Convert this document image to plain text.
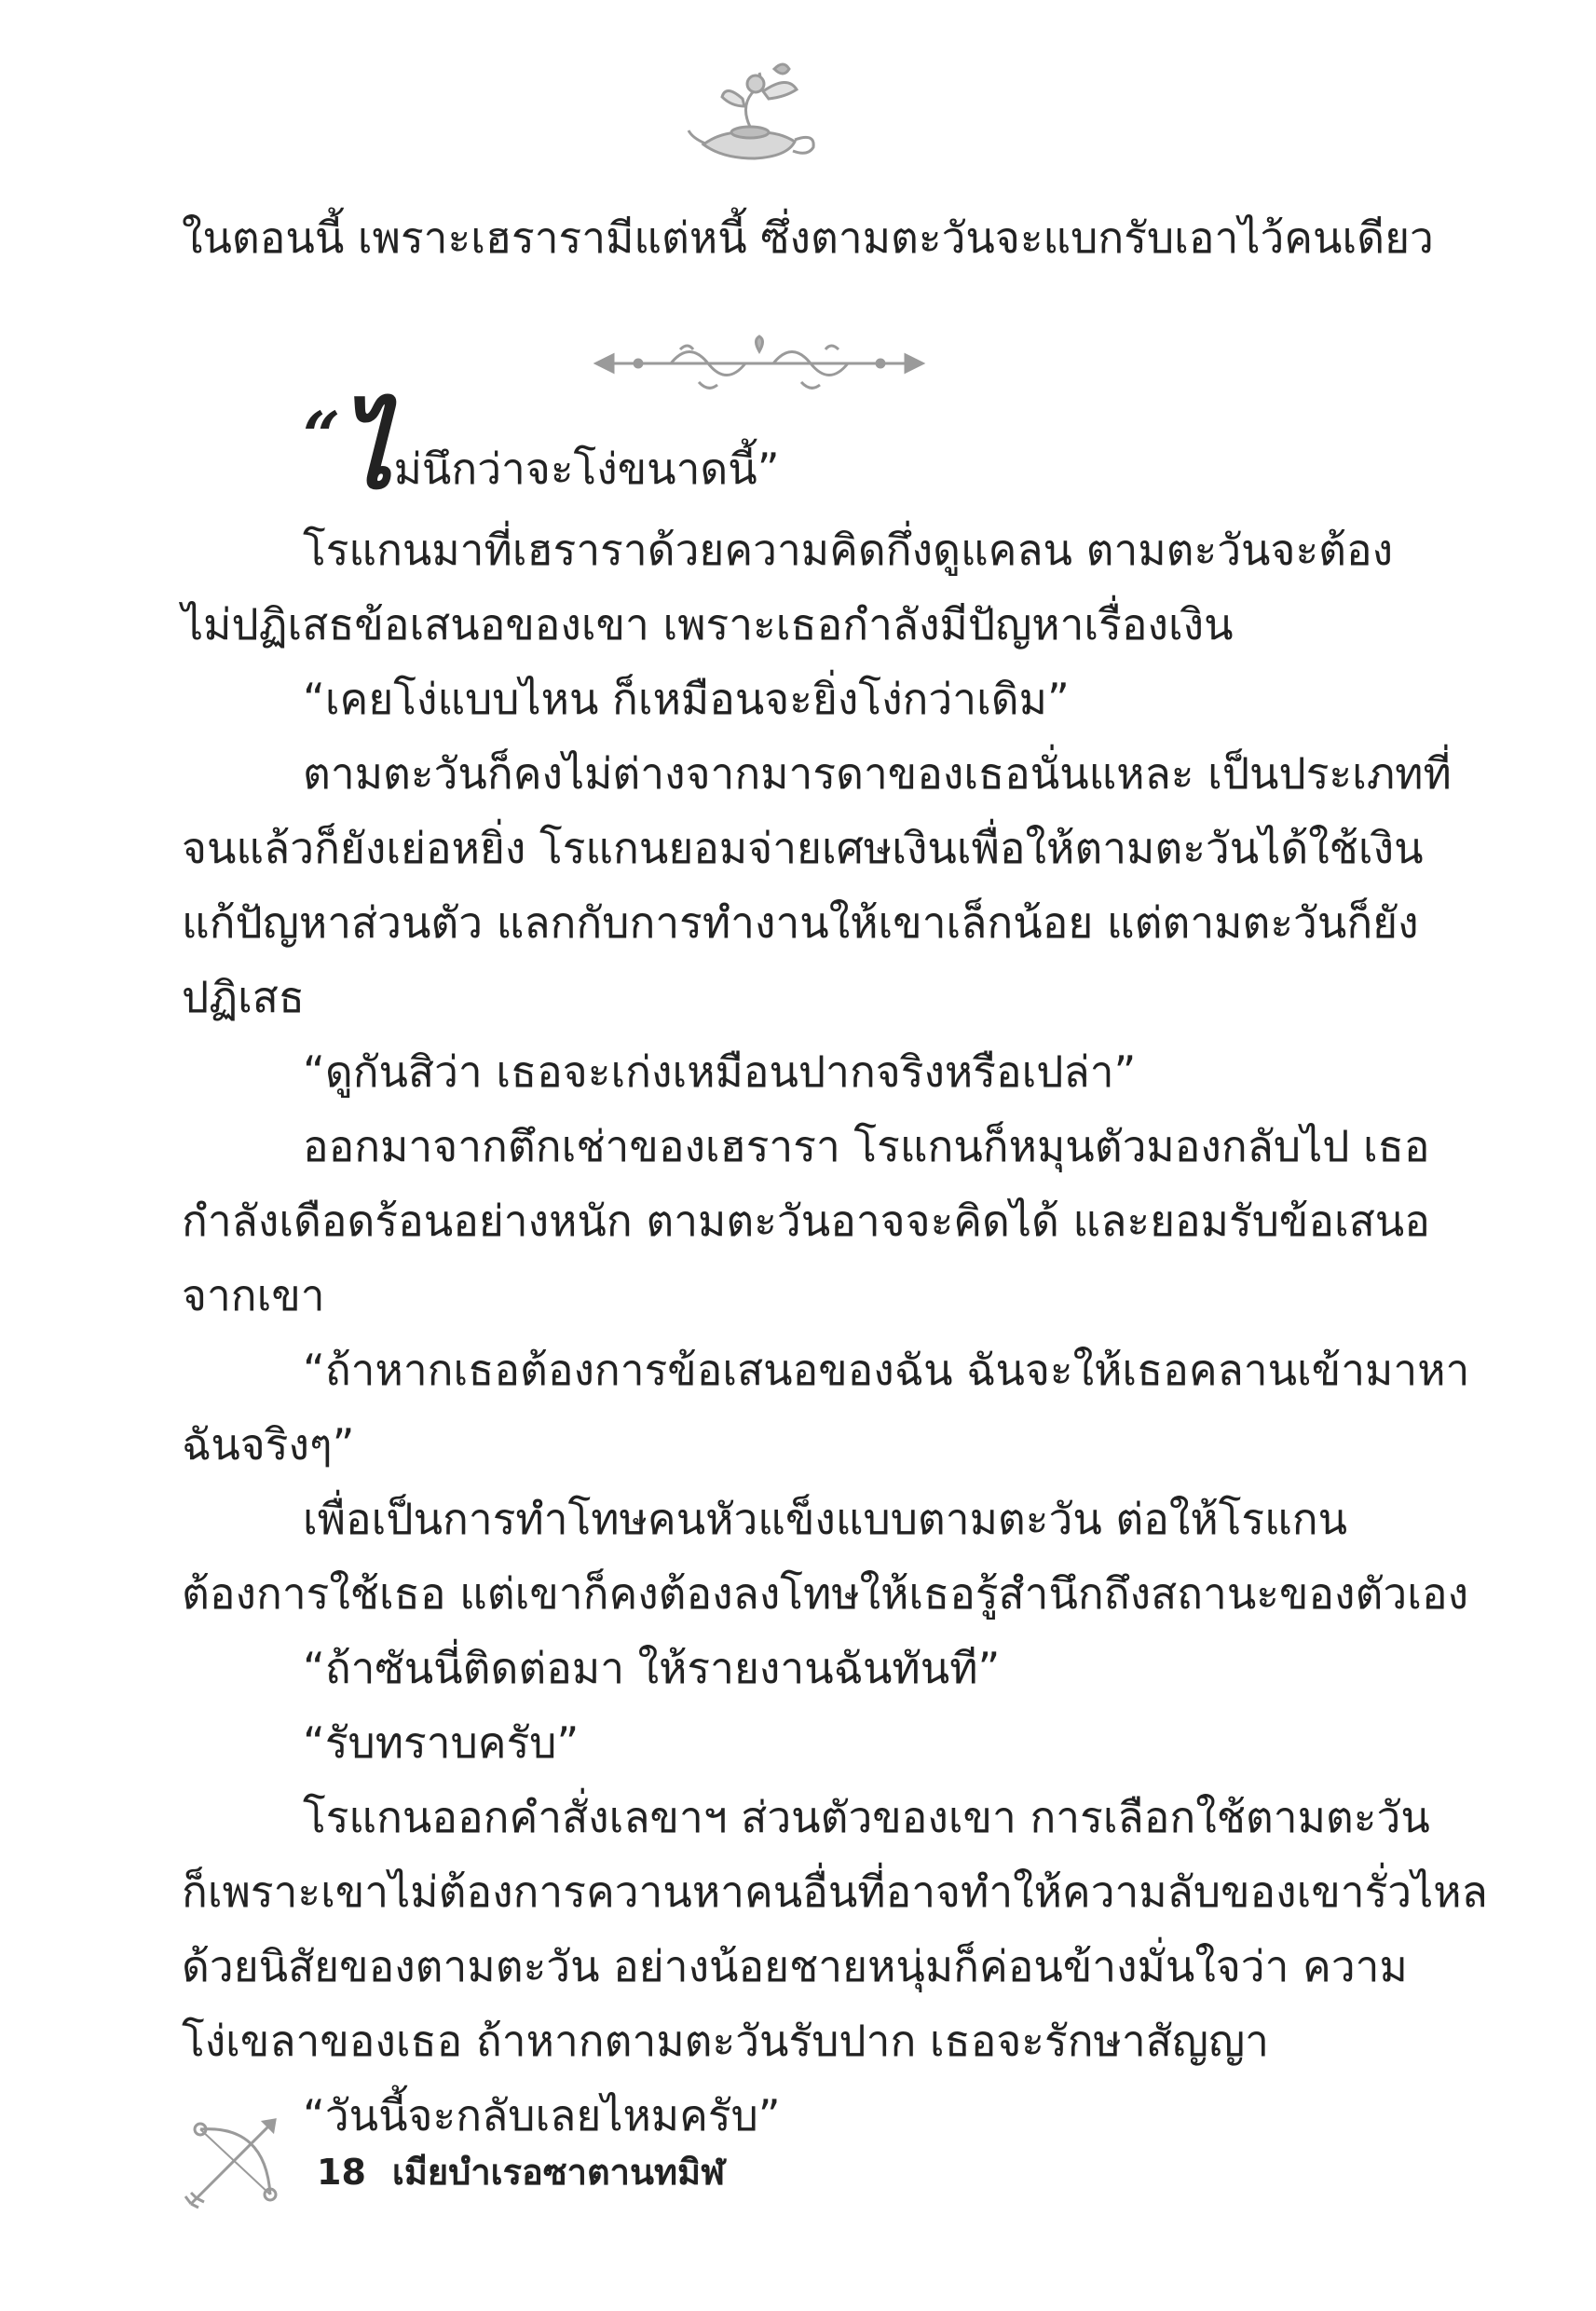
ในตอนนี้ เพราะเฮรารามีแต่หนี้ ซึ่งตามตะวันจะแบกรับเอาไว้คนเดียว
“ไม่นึกว่าจะโง่ขนาดนี้”
โรแกนมาที่เฮราราด้วยความคิดกึ่งดูแคลน ตามตะวันจะต้อง
ไม่ปฏิเสธข้อเสนอของเขา เพราะเธอกำลังมีปัญหาเรื่องเงิน
“เคยโง่แบบไหน ก็เหมือนจะยิ่งโง่กว่าเดิม”
ตามตะวันก็คงไม่ต่างจากมารดาของเธอนั่นแหละ เป็นประเภทที่
จนแล้วก็ยังเย่อหยิ่ง โรแกนยอมจ่ายเศษเงินเพื่อให้ตามตะวันได้ใช้เงิน
แก้ปัญหาส่วนตัว แลกกับการทำงานให้เขาเล็กน้อย แต่ตามตะวันก็ยัง
ปฏิเสธ
“ดูกันสิว่า เธอจะเก่งเหมือนปากจริงหรือเปล่า”
ออกมาจากตึกเช่าของเฮรารา โรแกนก็หมุนตัวมองกลับไป เธอ
กำลังเดือดร้อนอย่างหนัก ตามตะวันอาจจะคิดได้ และยอมรับข้อเสนอ
จากเขา
“ถ้าหากเธอต้องการข้อเสนอของฉัน ฉันจะให้เธอคลานเข้ามาหา
ฉันจริงๆ”
เพื่อเป็นการทำโทษคนหัวแข็งแบบตามตะวัน ต่อให้โรแกน
ต้องการใช้เธอ แต่เขาก็คงต้องลงโทษให้เธอรู้สำนึกถึงสถานะของตัวเอง
“ถ้าซันนี่ติดต่อมา ให้รายงานฉันทันที”
“รับทราบครับ”
โรแกนออกคำสั่งเลขาฯ ส่วนตัวของเขา การเลือกใช้ตามตะวัน
ก็เพราะเขาไม่ต้องการควานหาคนอื่นที่อาจทำให้ความลับของเขารั่วไหล
ด้วยนิสัยของตามตะวัน อย่างน้อยชายหนุ่มก็ค่อนข้างมั่นใจว่า ความ
โง่เขลาของเธอ ถ้าหากตามตะวันรับปาก เธอจะรักษาสัญญา
“วันนี้จะกลับเลยไหมครับ”
18 เมียบำเรอซาตานทมิฬ
